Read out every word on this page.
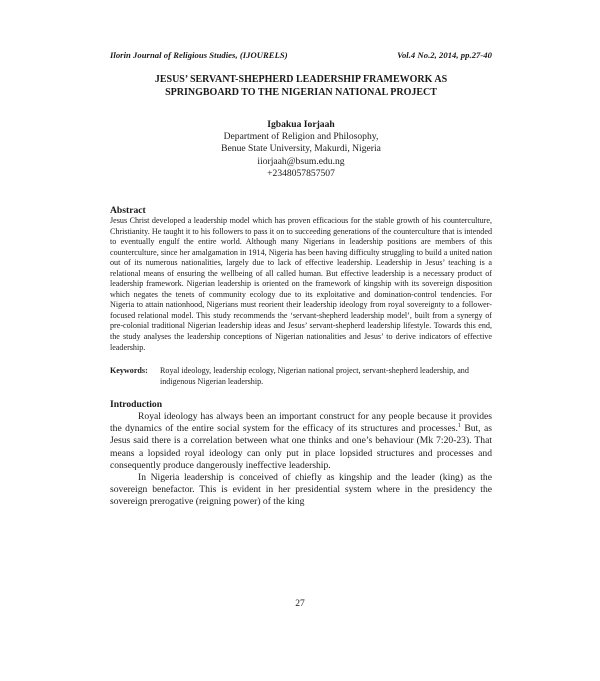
Ilorin Journal of Religious Studies, (IJOURELS)	Vol.4 No.2, 2014, pp.27-40
JESUS’ SERVANT-SHEPHERD LEADERSHIP FRAMEWORK AS
SPRINGBOARD TO THE NIGERIAN NATIONAL PROJECT
Igbakua Iorjaah
Department of Religion and Philosophy,
Benue State University, Makurdi, Nigeria
iiorjaah@bsum.edu.ng
+2348057857507
Abstract

Jesus Christ developed a leadership model which has proven efficacious for the stable growth of his counterculture, Christianity. He taught it to his followers to pass it on to succeeding generations of the counterculture that is intended to eventually engulf the entire world. Although many Nigerians in leadership positions are members of this counterculture, since her amalgamation in 1914, Nigeria has been having difficulty struggling to build a united nation out of its numerous nationalities, largely due to lack of effective leadership. Leadership in Jesus’ teaching is a relational means of ensuring the wellbeing of all called human. But effective leadership is a necessary product of leadership framework. Nigerian leadership is oriented on the framework of kingship with its sovereign disposition which negates the tenets of community ecology due to its exploitative and domination-control tendencies. For Nigeria to attain nationhood, Nigerians must reorient their leadership ideology from royal sovereignty to a follower-focused relational model. This study recommends the ‘servant-shepherd leadership model’, built from a synergy of pre-colonial traditional Nigerian leadership ideas and Jesus’ servant-shepherd leadership lifestyle. Towards this end, the study analyses the leadership conceptions of Nigerian nationalities and Jesus’ to derive indicators of effective leadership.

Keywords:	Royal ideology, leadership ecology, Nigerian national project, servant-shepherd leadership, and indigenous Nigerian leadership.
Introduction

Royal ideology has always been an important construct for any people because it provides the dynamics of the entire social system for the efficacy of its structures and processes.$^1$ But, as Jesus said there is a correlation between what one thinks and one’s behaviour (Mk 7:20-23). That means a lopsided royal ideology can only put in place lopsided structures and processes and consequently produce dangerously ineffective leadership.

In Nigeria leadership is conceived of chiefly as kingship and the leader (king) as the sovereign benefactor. This is evident in her presidential system where in the presidency the sovereign prerogative (reigning power) of the king

27
